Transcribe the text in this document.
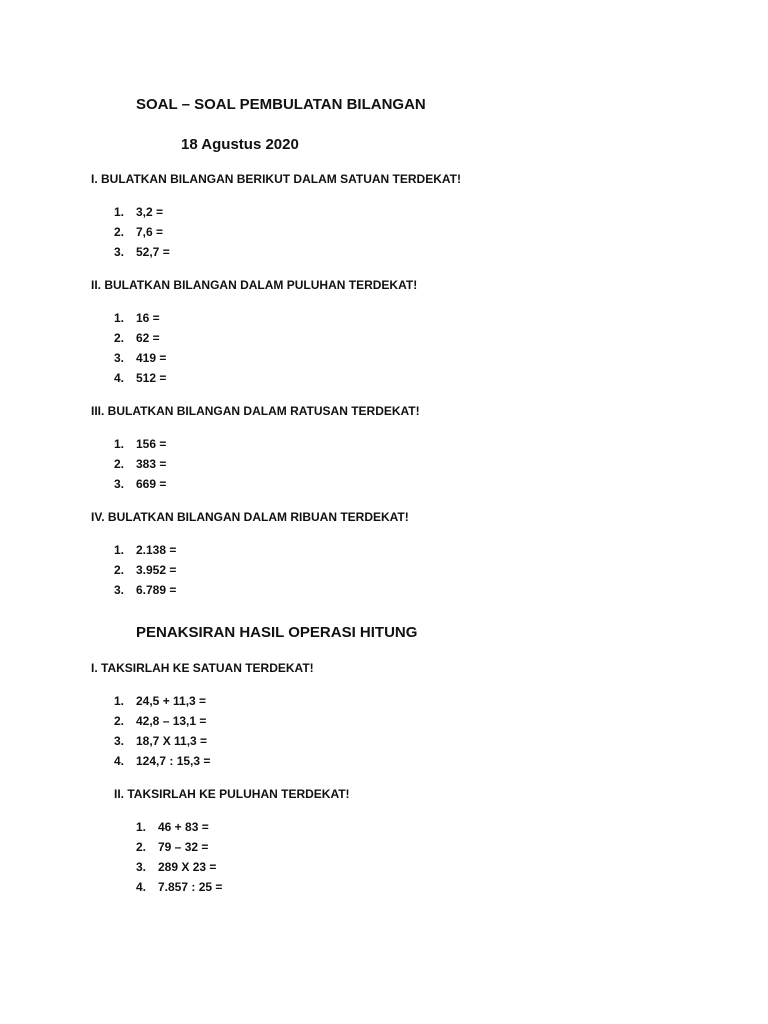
SOAL – SOAL PEMBULATAN BILANGAN
18 Agustus 2020
I. BULATKAN BILANGAN BERIKUT DALAM SATUAN TERDEKAT!
1. 3,2 =
2. 7,6 =
3. 52,7 =
II. BULATKAN BILANGAN DALAM PULUHAN TERDEKAT!
1. 16 =
2. 62 =
3. 419 =
4. 512 =
III. BULATKAN BILANGAN DALAM RATUSAN TERDEKAT!
1. 156 =
2. 383 =
3. 669 =
IV. BULATKAN BILANGAN DALAM RIBUAN TERDEKAT!
1. 2.138 =
2. 3.952 =
3. 6.789 =
PENAKSIRAN HASIL OPERASI HITUNG
I. TAKSIRLAH KE SATUAN TERDEKAT!
1. 24,5 + 11,3 =
2. 42,8 – 13,1 =
3. 18,7 X 11,3 =
4. 124,7 : 15,3 =
II. TAKSIRLAH KE PULUHAN TERDEKAT!
1. 46 + 83 =
2. 79 – 32 =
3. 289 X 23 =
4. 7.857 : 25 =
